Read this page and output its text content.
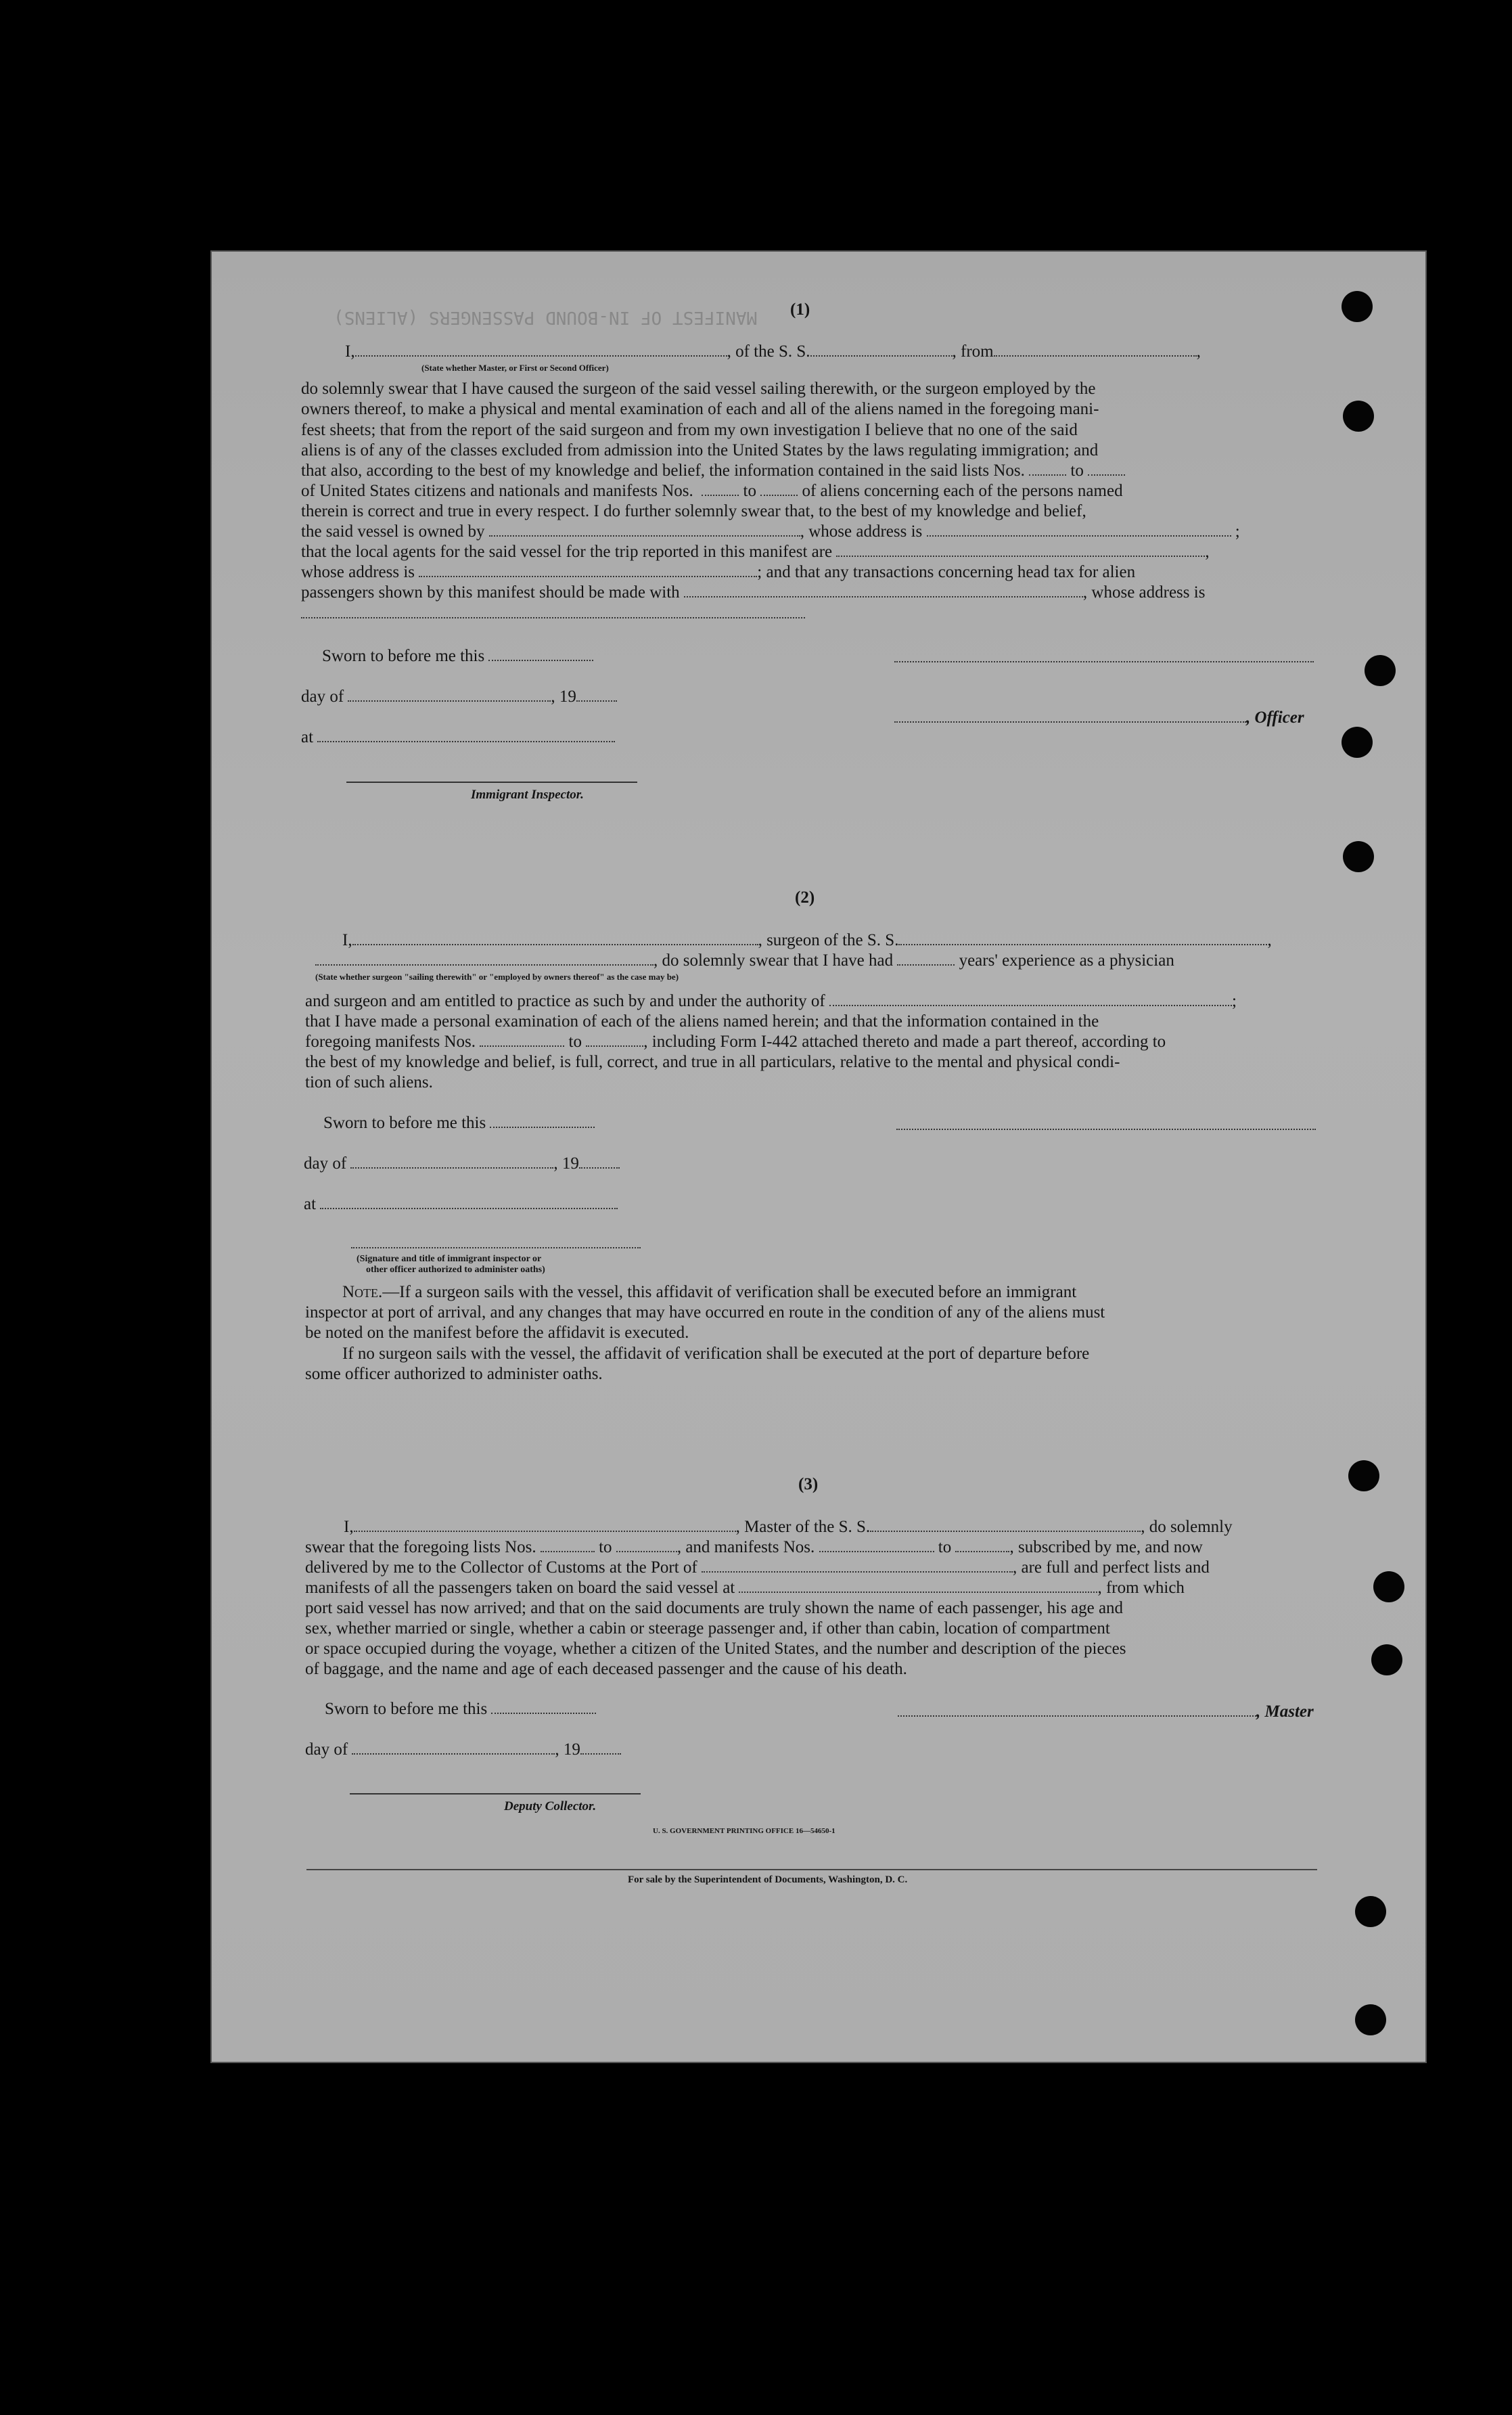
MANIFEST OF IN-BOUND PASSENGERS (ALIENS) (1)
I,	, of the S. S.	, from	,
(State whether Master, or First or Second Officer)
do solemnly swear that I have caused the surgeon of the said vessel sailing therewith, or the surgeon employed by the
owners thereof, to make a physical and mental examination of each and all of the aliens named in the foregoing mani-
fest sheets; that from the report of the said surgeon and from my own investigation I believe that no one of the said
aliens is of any of the classes excluded from admission into the United States by the laws regulating immigration; and
that also, according to the best of my knowledge and belief, the information contained in the said lists Nos.	to
of United States citizens and nationals and manifests Nos.	to	of aliens concerning each of the persons named
therein is correct and true in every respect. I do further solemnly swear that, to the best of my knowledge and belief,
the said vessel is owned by	, whose address is	;
that the local agents for the said vessel for the trip reported in this manifest are	,
whose address is	; and that any transactions concerning head tax for alien
passengers shown by this manifest should be made with	, whose address is
Sworn to before me this
day of	, 19
, Officer
at
Immigrant Inspector.
(2)
I,	, surgeon of the S. S.	,
, do solemnly swear that I have had	years' experience as a physician
(State whether surgeon "sailing therewith" or "employed by owners thereof" as the case may be)
and surgeon and am entitled to practice as such by and under the authority of	;
that I have made a personal examination of each of the aliens named herein; and that the information contained in the
foregoing manifests Nos.	to	, including Form I-442 attached thereto and made a part thereof, according to
the best of my knowledge and belief, is full, correct, and true in all particulars, relative to the mental and physical condi-
tion of such aliens.
Sworn to before me this
day of	, 19
at
(Signature and title of immigrant inspector or
other officer authorized to administer oaths)
Note.—If a surgeon sails with the vessel, this affidavit of verification shall be executed before an immigrant
inspector at port of arrival, and any changes that may have occurred en route in the condition of any of the aliens must
be noted on the manifest before the affidavit is executed.
If no surgeon sails with the vessel, the affidavit of verification shall be executed at the port of departure before
some officer authorized to administer oaths.
(3)
I,	, Master of the S. S.	, do solemnly
swear that the foregoing lists Nos.	to	, and manifests Nos.	to	, subscribed by me, and now
delivered by me to the Collector of Customs at the Port of	, are full and perfect lists and
manifests of all the passengers taken on board the said vessel at	, from which
port said vessel has now arrived; and that on the said documents are truly shown the name of each passenger, his age and
sex, whether married or single, whether a cabin or steerage passenger and, if other than cabin, location of compartment
or space occupied during the voyage, whether a citizen of the United States, and the number and description of the pieces
of baggage, and the name and age of each deceased passenger and the cause of his death.
Sworn to before me this	, Master
day of	, 19
Deputy Collector.
U. S. GOVERNMENT PRINTING OFFICE 16—54650-1
For sale by the Superintendent of Documents, Washington, D. C.
